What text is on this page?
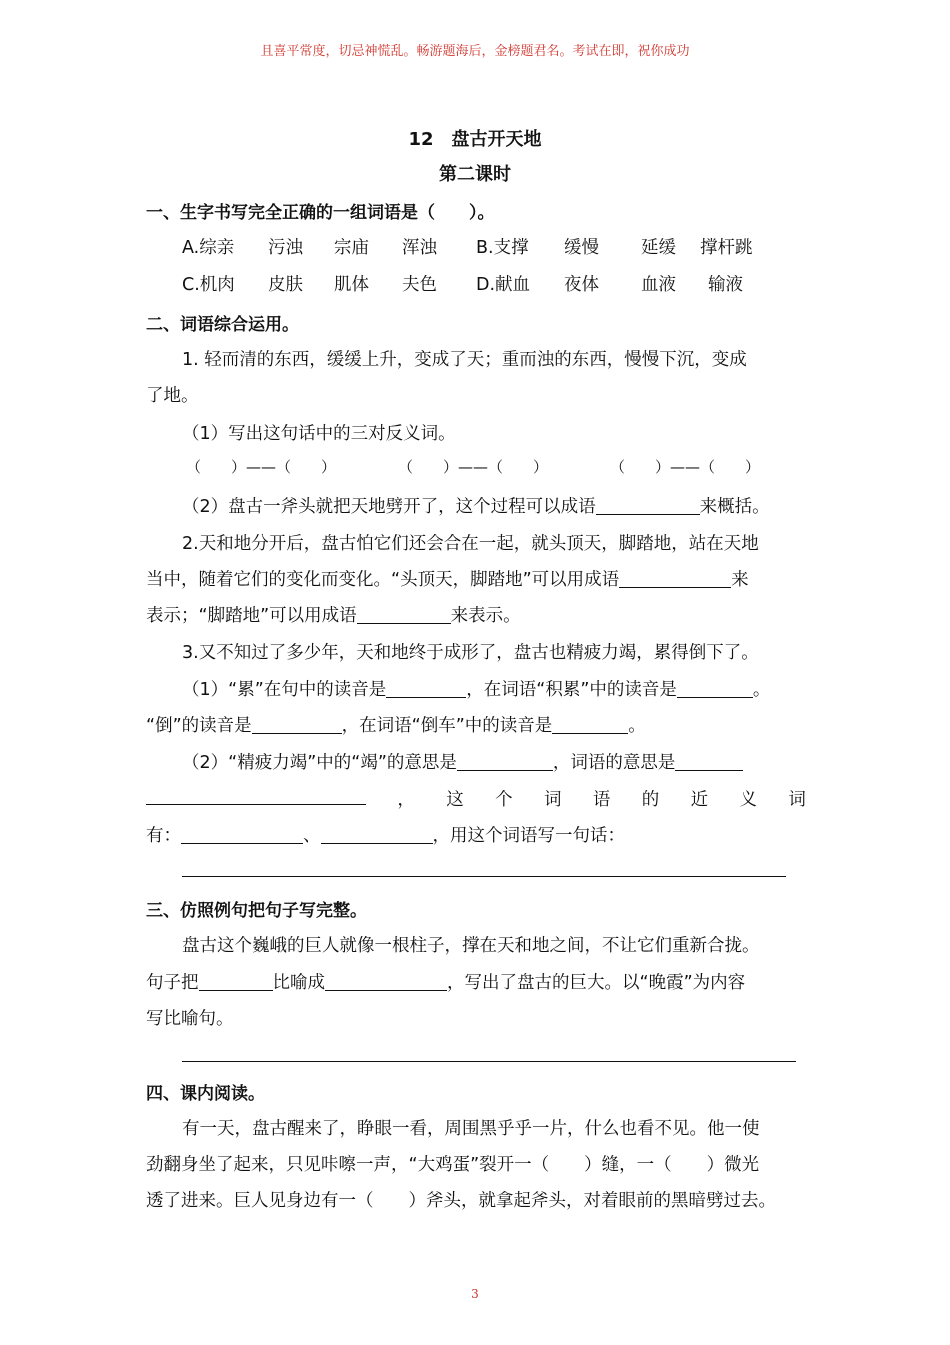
且喜平常度，切忌神慌乱。畅游题海后，金榜题君名。考试在即，祝你成功
12　盘古开天地
第二课时
一、生字书写完全正确的一组词语是（　　）。
A.综亲 污浊 宗庙 浑浊 B.支撑 缓慢 延缓 撑杆跳
C.机肉 皮肤 肌体 夫色 D.献血 夜体 血液 输液
二、词语综合运用。
1. 轻而清的东西，缓缓上升，变成了天；重而浊的东西，慢慢下沉，变成
了地。
（1）写出这句话中的三对反义词。
（　　）——（　　）	（　　）——（　　）	（　　）——（　　）
（2）盘古一斧头就把天地劈开了，这个过程可以成语	来概括。
2.天和地分开后，盘古怕它们还会合在一起，就头顶天，脚踏地，站在天地
当中，随着它们的变化而变化。“头顶天，脚踏地”可以用成语	来
表示；“脚踏地”可以用成语	来表示。
3.又不知过了多少年，天和地终于成形了，盘古也精疲力竭，累得倒下了。
（1）“累”在句中的读音是	，在词语“积累”中的读音是	。
“倒”的读音是	，在词语“倒车”中的读音是	。
（2）“精疲力竭”中的“竭”的意思是	，词语的意思是
， 这 个 词 语 的 近 义 词
有：	、	，用这个词语写一句话：
三、仿照例句把句子写完整。
盘古这个巍峨的巨人就像一根柱子，撑在天和地之间，不让它们重新合拢。
句子把	比喻成	，写出了盘古的巨大。以“晚霞”为内容
写比喻句。
四、课内阅读。
有一天，盘古醒来了，睁眼一看，周围黑乎乎一片，什么也看不见。他一使
劲翻身坐了起来，只见咔嚓一声，“大鸡蛋”裂开一（　　）缝，一（　　）微光
透了进来。巨人见身边有一（　　）斧头，就拿起斧头，对着眼前的黑暗劈过去。
3
